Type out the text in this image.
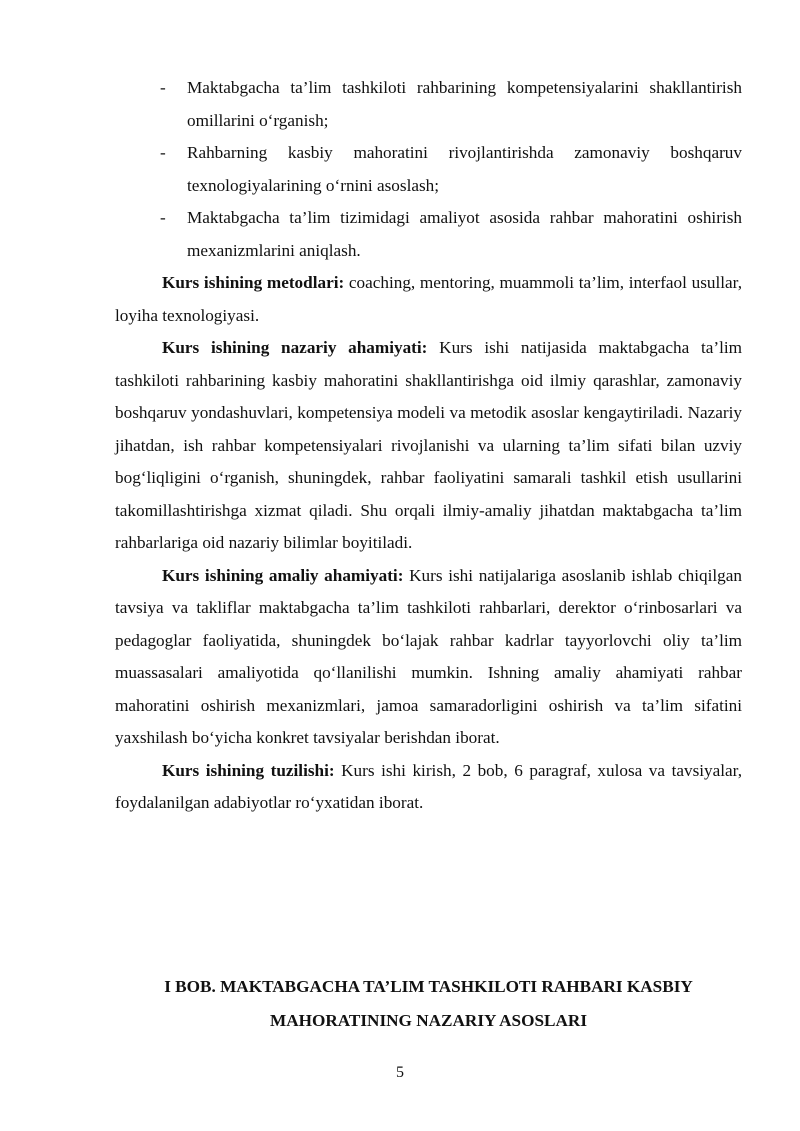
-	Maktabgacha ta’lim tashkiloti rahbarining kompetensiyalarini shakllantirish omillarini o‘rganish;

-	Rahbarning kasbiy mahoratini rivojlantirishda zamonaviy boshqaruv texnologiyalarining o‘rnini asoslash;

-	Maktabgacha ta’lim tizimidagi amaliyot asosida rahbar mahoratini oshirish mexanizmlarini aniqlash.

Kurs ishining metodlari: coaching, mentoring, muammoli ta’lim, interfaol usullar, loyiha texnologiyasi.

Kurs ishining nazariy ahamiyati: Kurs ishi natijasida maktabgacha ta’lim tashkiloti rahbarining kasbiy mahoratini shakllantirishga oid ilmiy qarashlar, zamonaviy boshqaruv yondashuvlari, kompetensiya modeli va metodik asoslar kengaytiriladi. Nazariy jihatdan, ish rahbar kompetensiyalari rivojlanishi va ularning ta’lim sifati bilan uzviy bog‘liqligini o‘rganish, shuningdek, rahbar faoliyatini samarali tashkil etish usullarini takomillashtirishga xizmat qiladi. Shu orqali ilmiy-amaliy jihatdan maktabgacha ta’lim rahbarlariga oid nazariy bilimlar boyitiladi.

Kurs ishining amaliy ahamiyati: Kurs ishi natijalariga asoslanib ishlab chiqilgan tavsiya va takliflar maktabgacha ta’lim tashkiloti rahbarlari, derektor o‘rinbosarlari va pedagoglar faoliyatida, shuningdek bo‘lajak rahbar kadrlar tayyorlovchi oliy ta’lim muassasalari amaliyotida qo‘llanilishi mumkin. Ishning amaliy ahamiyati rahbar mahoratini oshirish mexanizmlari, jamoa samaradorligini oshirish va ta’lim sifatini yaxshilash bo‘yicha konkret tavsiyalar berishdan iborat.

Kurs ishining tuzilishi: Kurs ishi kirish, 2 bob, 6 paragraf, xulosa va tavsiyalar, foydalanilgan adabiyotlar ro‘yxatidan iborat.

I BOB. MAKTABGACHA TA’LIM TASHKILOTI RAHBARI KASBIY
MAHORATINING NAZARIY ASOSLARI
5
